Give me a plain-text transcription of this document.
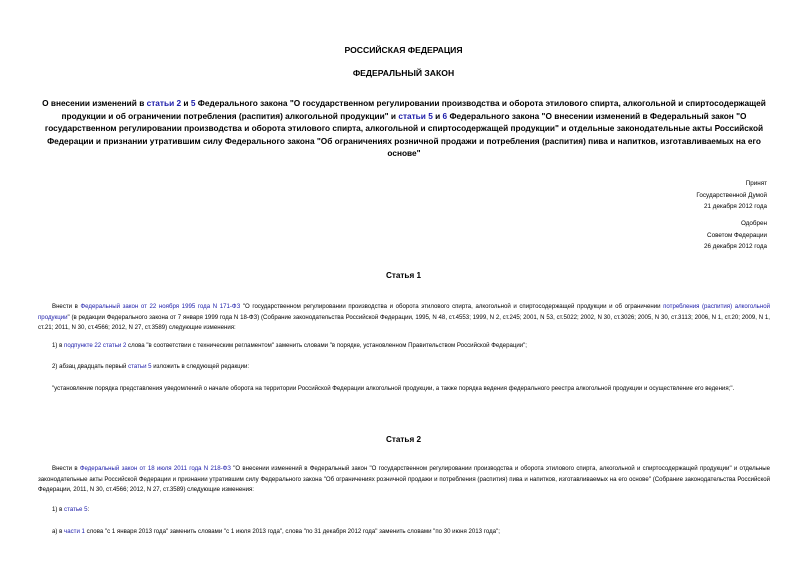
РОССИЙСКАЯ ФЕДЕРАЦИЯ
ФЕДЕРАЛЬНЫЙ ЗАКОН
О внесении изменений в статьи 2 и 5 Федерального закона "О государственном регулировании производства и оборота этилового спирта, алкогольной и спиртосодержащей продукции и об ограничении потребления (распития) алкогольной продукции" и статьи 5 и 6 Федерального закона "О внесении изменений в Федеральный закон "О государственном регулировании производства и оборота этилового спирта, алкогольной и спиртосодержащей продукции" и отдельные законодательные акты Российской Федерации и признании утратившим силу Федерального закона "Об ограничениях розничной продажи и потребления (распития) пива и напитков, изготавливаемых на его основе"
Принят
Государственной Думой
21 декабря 2012 года
Одобрен
Советом Федерации
26 декабря 2012 года
Статья 1
Внести в Федеральный закон от 22 ноября 1995 года N 171-ФЗ "О государственном регулировании производства и оборота этилового спирта, алкогольной и спиртосодержащей продукции и об ограничении потребления (распития) алкогольной продукции" (в редакции Федерального закона от 7 января 1999 года N 18-ФЗ) (Собрание законодательства Российской Федерации, 1995, N 48, ст.4553; 1999, N 2, ст.245; 2001, N 53, ст.5022; 2002, N 30, ст.3026; 2005, N 30, ст.3113; 2006, N 1, ст.20; 2009, N 1, ст.21; 2011, N 30, ст.4566; 2012, N 27, ст.3589) следующие изменения:
1) в подпункте 22 статьи 2 слова "в соответствии с техническим регламентом" заменить словами "в порядке, установленном Правительством Российской Федерации";
2) абзац двадцать первый статьи 5 изложить в следующей редакции:
"установление порядка представления уведомлений о начале оборота на территории Российской Федерации алкогольной продукции, а также порядка ведения федерального реестра алкогольной продукции и осуществление его ведения;".
Статья 2
Внести в Федеральный закон от 18 июля 2011 года N 218-ФЗ "О внесении изменений в Федеральный закон "О государственном регулировании производства и оборота этилового спирта, алкогольной и спиртосодержащей продукции" и отдельные законодательные акты Российской Федерации и признании утратившим силу Федерального закона "Об ограничениях розничной продажи и потребления (распития) пива и напитков, изготавливаемых на его основе" (Собрание законодательства Российской Федерации, 2011, N 30, ст.4566; 2012, N 27, ст.3589) следующие изменения:
1) в статье 5:
а) в части 1 слова "с 1 января 2013 года" заменить словами "с 1 июля 2013 года", слова "по 31 декабря 2012 года" заменить словами "по 30 июня 2013 года";
